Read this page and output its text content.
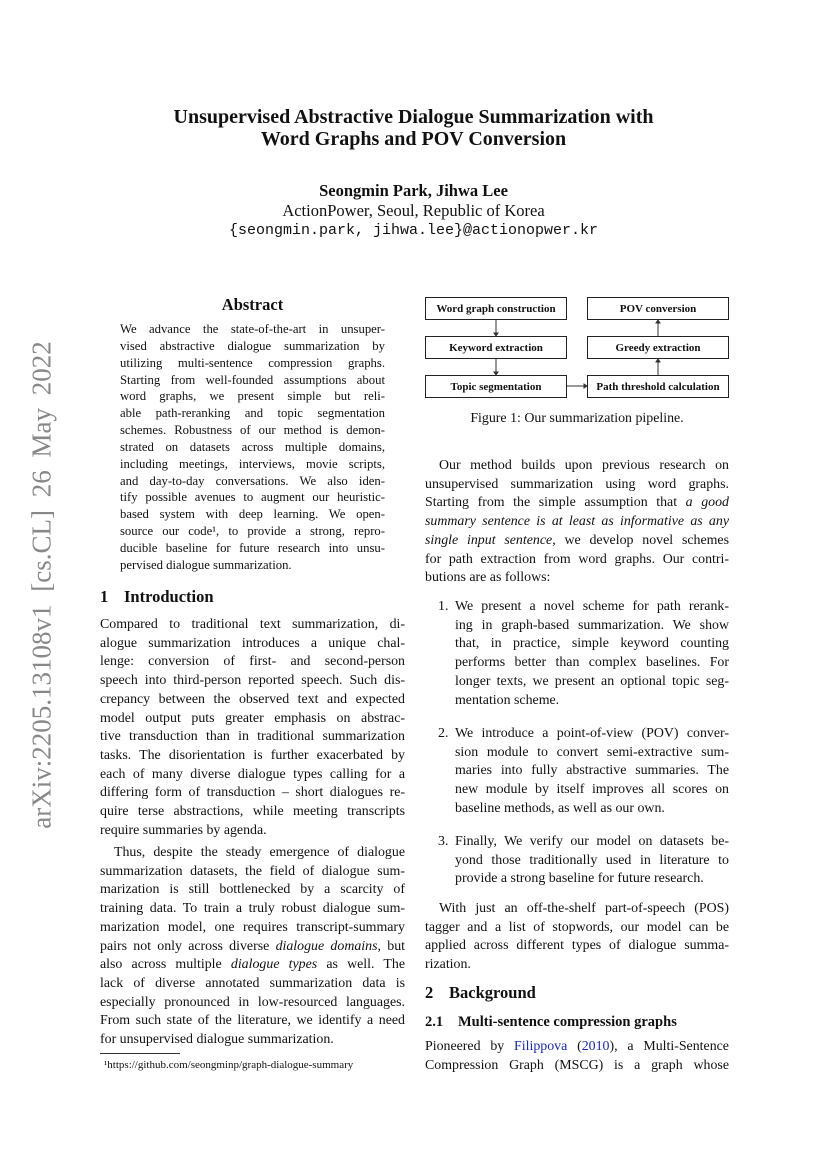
arXiv:2205.13108v1 [cs.CL] 26 May 2022
Unsupervised Abstractive Dialogue Summarization with
Word Graphs and POV Conversion
Seongmin Park, Jihwa Lee
ActionPower, Seoul, Republic of Korea
{seongmin.park, jihwa.lee}@actionopwer.kr
Abstract
We advance the state-of-the-art in unsuper-
vised abstractive dialogue summarization by
utilizing multi-sentence compression graphs.
Starting from well-founded assumptions about
word graphs, we present simple but reli-
able path-reranking and topic segmentation
schemes. Robustness of our method is demon-
strated on datasets across multiple domains,
including meetings, interviews, movie scripts,
and day-to-day conversations. We also iden-
tify possible avenues to augment our heuristic-
based system with deep learning. We open-
source our code¹, to provide a strong, repro-
ducible baseline for future research into unsu-
pervised dialogue summarization.
1 Introduction
Compared to traditional text summarization, di-
alogue summarization introduces a unique chal-
lenge: conversion of first- and second-person
speech into third-person reported speech. Such dis-
crepancy between the observed text and expected
model output puts greater emphasis on abstrac-
tive transduction than in traditional summarization
tasks. The disorientation is further exacerbated by
each of many diverse dialogue types calling for a
differing form of transduction – short dialogues re-
quire terse abstractions, while meeting transcripts
require summaries by agenda.
Thus, despite the steady emergence of dialogue
summarization datasets, the field of dialogue sum-
marization is still bottlenecked by a scarcity of
training data. To train a truly robust dialogue sum-
marization model, one requires transcript-summary
pairs not only across diverse dialogue domains, but
also across multiple dialogue types as well. The
lack of diverse annotated summarization data is
especially pronounced in low-resourced languages.
From such state of the literature, we identify a need
for unsupervised dialogue summarization.
¹https://github.com/seongminp/graph-dialogue-summary
Word graph construction
Keyword extraction
Topic segmentation
POV conversion
Greedy extraction
Path threshold calculation
Figure 1: Our summarization pipeline.
Our method builds upon previous research on
unsupervised summarization using word graphs.
Starting from the simple assumption that a good
summary sentence is at least as informative as any
single input sentence, we develop novel schemes
for path extraction from word graphs. Our contri-
butions are as follows:
1. We present a novel scheme for path rerank-
ing in graph-based summarization. We show
that, in practice, simple keyword counting
performs better than complex baselines. For
longer texts, we present an optional topic seg-
mentation scheme.
2. We introduce a point-of-view (POV) conver-
sion module to convert semi-extractive sum-
maries into fully abstractive summaries. The
new module by itself improves all scores on
baseline methods, as well as our own.
3. Finally, We verify our model on datasets be-
yond those traditionally used in literature to
provide a strong baseline for future research.
With just an off-the-shelf part-of-speech (POS)
tagger and a list of stopwords, our model can be
applied across different types of dialogue summa-
rization.
2 Background
2.1 Multi-sentence compression graphs
Pioneered by Filippova (2010), a Multi-Sentence
Compression Graph (MSCG) is a graph whose
